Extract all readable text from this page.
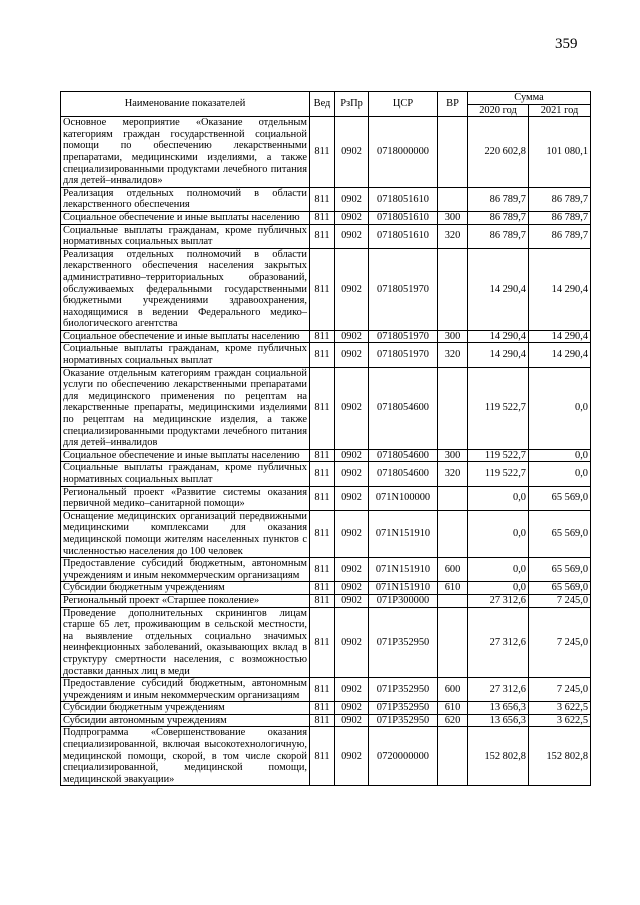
359
Наименование показателей	Вед	РзПр	ЦСР	ВР	Сумма	
					2020 год	2021 год
Основное мероприятие «Оказание отдельным категориям граждан государственной социальной помощи по обеспечению лекарственными препаратами, медицинскими изделиями, а также специализированными продуктами лечебного питания для детей–инвалидов»	811	0902	0718000000		220 602,8	101 080,1
Реализация отдельных полномочий в области лекарственного обеспечения	811	0902	0718051610		86 789,7	86 789,7
Социальное обеспечение и иные выплаты населению	811	0902	0718051610	300	86 789,7	86 789,7
Социальные выплаты гражданам, кроме публичных нормативных социальных выплат	811	0902	0718051610	320	86 789,7	86 789,7
Реализация отдельных полномочий в области лекарственного обеспечения населения закрытых административно–территориальных образований, обслуживаемых федеральными государственными бюджетными учреждениями здравоохранения, находящимися в ведении Федерального медико–биологического агентства	811	0902	0718051970		14 290,4	14 290,4
Социальное обеспечение и иные выплаты населению	811	0902	0718051970	300	14 290,4	14 290,4
Социальные выплаты гражданам, кроме публичных нормативных социальных выплат	811	0902	0718051970	320	14 290,4	14 290,4
Оказание отдельным категориям граждан социальной услуги по обеспечению лекарственными препаратами для медицинского применения по рецептам на лекарственные препараты, медицинскими изделиями по рецептам на медицинские изделия, а также специализированными продуктами лечебного питания для детей–инвалидов	811	0902	0718054600		119 522,7	0,0
Социальное обеспечение и иные выплаты населению	811	0902	0718054600	300	119 522,7	0,0
Социальные выплаты гражданам, кроме публичных нормативных социальных выплат	811	0902	0718054600	320	119 522,7	0,0
Региональный проект «Развитие системы оказания первичной медико–санитарной помощи»	811	0902	071N100000		0,0	65 569,0
Оснащение медицинских организаций передвижными медицинскими комплексами для оказания медицинской помощи жителям населенных пунктов с численностью населения до 100 человек	811	0902	071N151910		0,0	65 569,0
Предоставление субсидий бюджетным, автономным учреждениям и иным некоммерческим организациям	811	0902	071N151910	600	0,0	65 569,0
Субсидии бюджетным учреждениям	811	0902	071N151910	610	0,0	65 569,0
Региональный проект «Старшее поколение»	811	0902	071P300000		27 312,6	7 245,0
Проведение дополнительных скринингов лицам старше 65 лет, проживающим в сельской местности, на выявление отдельных социально значимых неинфекционных заболеваний, оказывающих вклад в структуру смертности населения, с возможностью доставки данных лиц в меди	811	0902	071P352950		27 312,6	7 245,0
Предоставление субсидий бюджетным, автономным учреждениям и иным некоммерческим организациям	811	0902	071P352950	600	27 312,6	7 245,0
Субсидии бюджетным учреждениям	811	0902	071P352950	610	13 656,3	3 622,5
Субсидии автономным учреждениям	811	0902	071P352950	620	13 656,3	3 622,5
Подпрограмма «Совершенствование оказания специализированной, включая высокотехнологичную, медицинской помощи, скорой, в том числе скорой специализированной, медицинской помощи, медицинской эвакуации»	811	0902	0720000000		152 802,8	152 802,8
